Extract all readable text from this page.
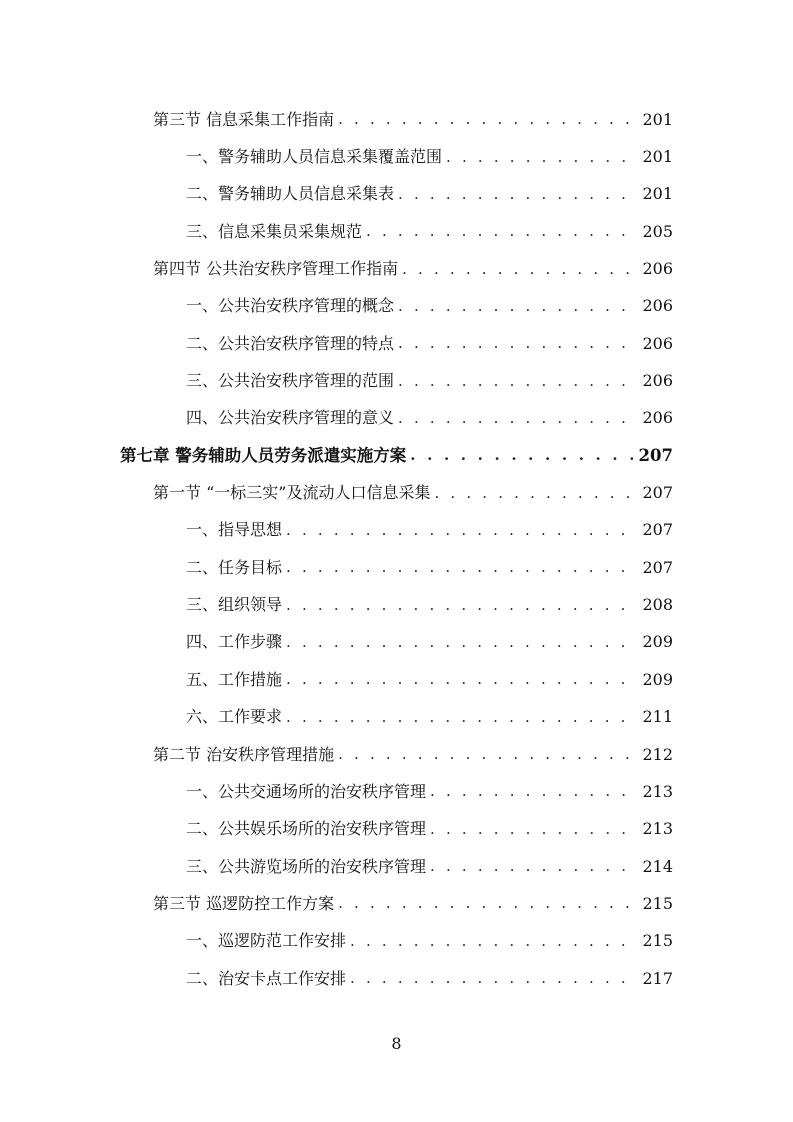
第三节 信息采集工作指南 . . .	201
一、警务辅助人员信息采集覆盖范围 . . .	201
二、警务辅助人员信息采集表 . . .	201
三、信息采集员采集规范 . . .	205
第四节 公共治安秩序管理工作指南 . . .	206
一、公共治安秩序管理的概念 . . .	206
二、公共治安秩序管理的特点 . . .	206
三、公共治安秩序管理的范围 . . .	206
四、公共治安秩序管理的意义 . . .	206
第七章 警务辅助人员劳务派遣实施方案 . . .	207
第一节 “一标三实”及流动人口信息采集 . . .	207
一、指导思想 . . .	207
二、任务目标 . . .	207
三、组织领导 . . .	208
四、工作步骤 . . .	209
五、工作措施 . . .	209
六、工作要求 . . .	211
第二节 治安秩序管理措施 . . .	212
一、公共交通场所的治安秩序管理 . . .	213
二、公共娱乐场所的治安秩序管理 . . .	213
三、公共游览场所的治安秩序管理 . . .	214
第三节 巡逻防控工作方案 . . .	215
一、巡逻防范工作安排 . . .	215
二、治安卡点工作安排 . . .	217
8
